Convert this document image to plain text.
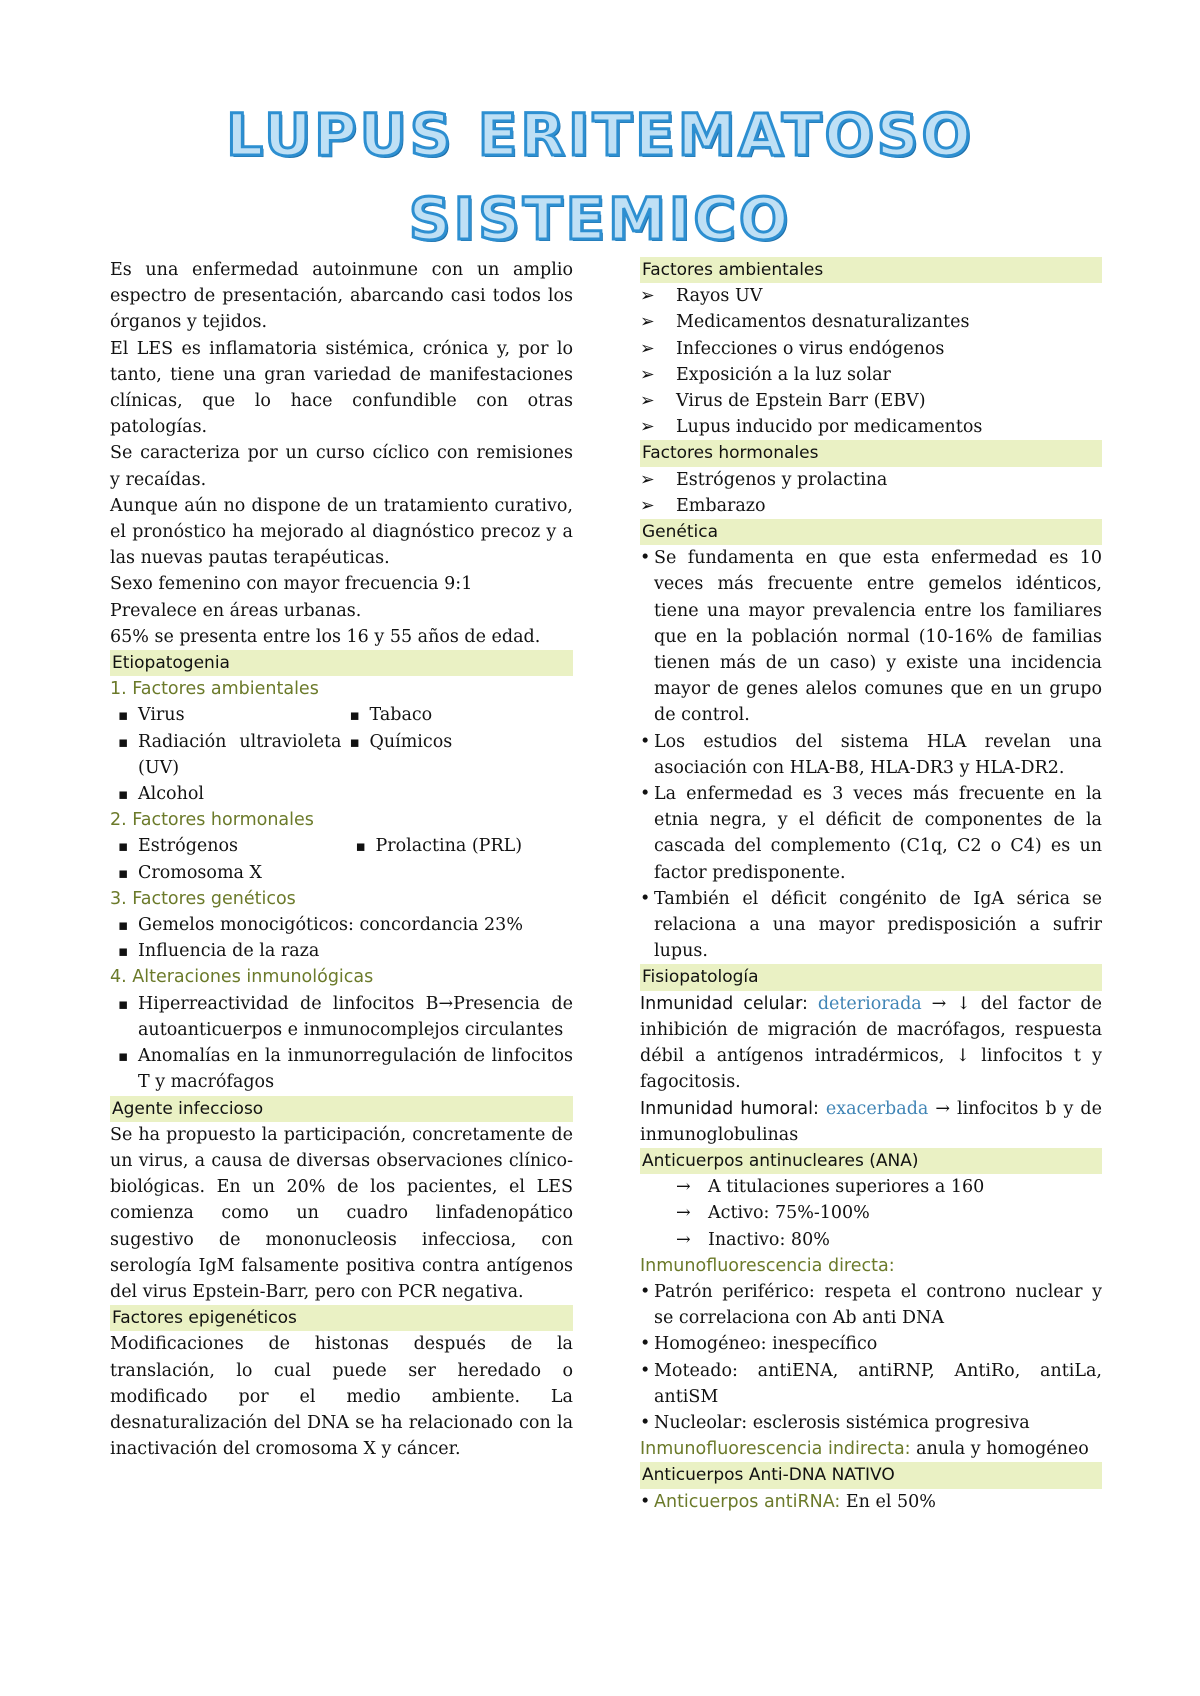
LUPUS ERITEMATOSO
SISTEMICO

Es una enfermedad autoinmune con un amplio espectro de presentación, abarcando casi todos los órganos y tejidos.

El LES es inflamatoria sistémica, crónica y, por lo tanto, tiene una gran variedad de manifestaciones clínicas, que lo hace confundible con otras patologías.

Se caracteriza por un curso cíclico con remisiones y recaídas.

Aunque aún no dispone de un tratamiento curativo, el pronóstico ha mejorado al diagnóstico precoz y a las nuevas pautas terapéuticas.

Sexo femenino con mayor frecuencia 9:1

Prevalece en áreas urbanas.

65% se presenta entre los 16 y 55 años de edad.

Etiopatogenia
1. Factores ambientales
▪ Virus
▪ Radiación ultravioleta (UV)
▪ Alcohol
▪ Tabaco
▪ Químicos
2. Factores hormonales
▪ Estrógenos
▪ Cromosoma X
▪ Prolactina (PRL)
3. Factores genéticos
▪ Gemelos monocigóticos: concordancia 23%
▪ Influencia de la raza
4. Alteraciones inmunológicas
▪ Hiperreactividad de linfocitos B→Presencia de autoanticuerpos e inmunocomplejos circulantes
▪ Anomalías en la inmunorregulación de linfocitos T y macrófagos
Agente infeccioso

Se ha propuesto la participación, concretamente de un virus, a causa de diversas observaciones clínico-biológicas. En un 20% de los pacientes, el LES comienza como un cuadro linfadenopático sugestivo de mononucleosis infecciosa, con serología IgM falsamente positiva contra antígenos del virus Epstein-Barr, pero con PCR negativa.

Factores epigenéticos

Modificaciones de histonas después de la translación, lo cual puede ser heredado o modificado por el medio ambiente. La desnaturalización del DNA se ha relacionado con la inactivación del cromosoma X y cáncer.

Factores ambientales
➢ Rayos UV
➢ Medicamentos desnaturalizantes
➢ Infecciones o virus endógenos
➢ Exposición a la luz solar
➢ Virus de Epstein Barr (EBV)
➢ Lupus inducido por medicamentos
Factores hormonales
➢ Estrógenos y prolactina
➢ Embarazo
Genética
• Se fundamenta en que esta enfermedad es 10 veces más frecuente entre gemelos idénticos, tiene una mayor prevalencia entre los familiares que en la población normal (10-16% de familias tienen más de un caso) y existe una incidencia mayor de genes alelos comunes que en un grupo de control.
• Los estudios del sistema HLA revelan una asociación con HLA-B8, HLA-DR3 y HLA-DR2.
• La enfermedad es 3 veces más frecuente en la etnia negra, y el déficit de componentes de la cascada del complemento (C1q, C2 o C4) es un factor predisponente.
• También el déficit congénito de IgA sérica se relaciona a una mayor predisposición a sufrir lupus.
Fisiopatología

Inmunidad celular: deteriorada → ↓ del factor de inhibición de migración de macrófagos, respuesta débil a antígenos intradérmicos, ↓ linfocitos t y fagocitosis.

Inmunidad humoral: exacerbada → linfocitos b y de inmunoglobulinas

Anticuerpos antinucleares (ANA)
→ A titulaciones superiores a 160
→ Activo: 75%-100%
→ Inactivo: 80%
Inmunofluorescencia directa:
• Patrón periférico: respeta el controno nuclear y se correlaciona con Ab anti DNA
• Homogéneo: inespecífico
• Moteado: antiENA, antiRNP, AntiRo, antiLa, antiSM
• Nucleolar: esclerosis sistémica progresiva

Inmunofluorescencia indirecta: anula y homogéneo

Anticuerpos Anti-DNA NATIVO
• Anticuerpos antiRNA: En el 50%
